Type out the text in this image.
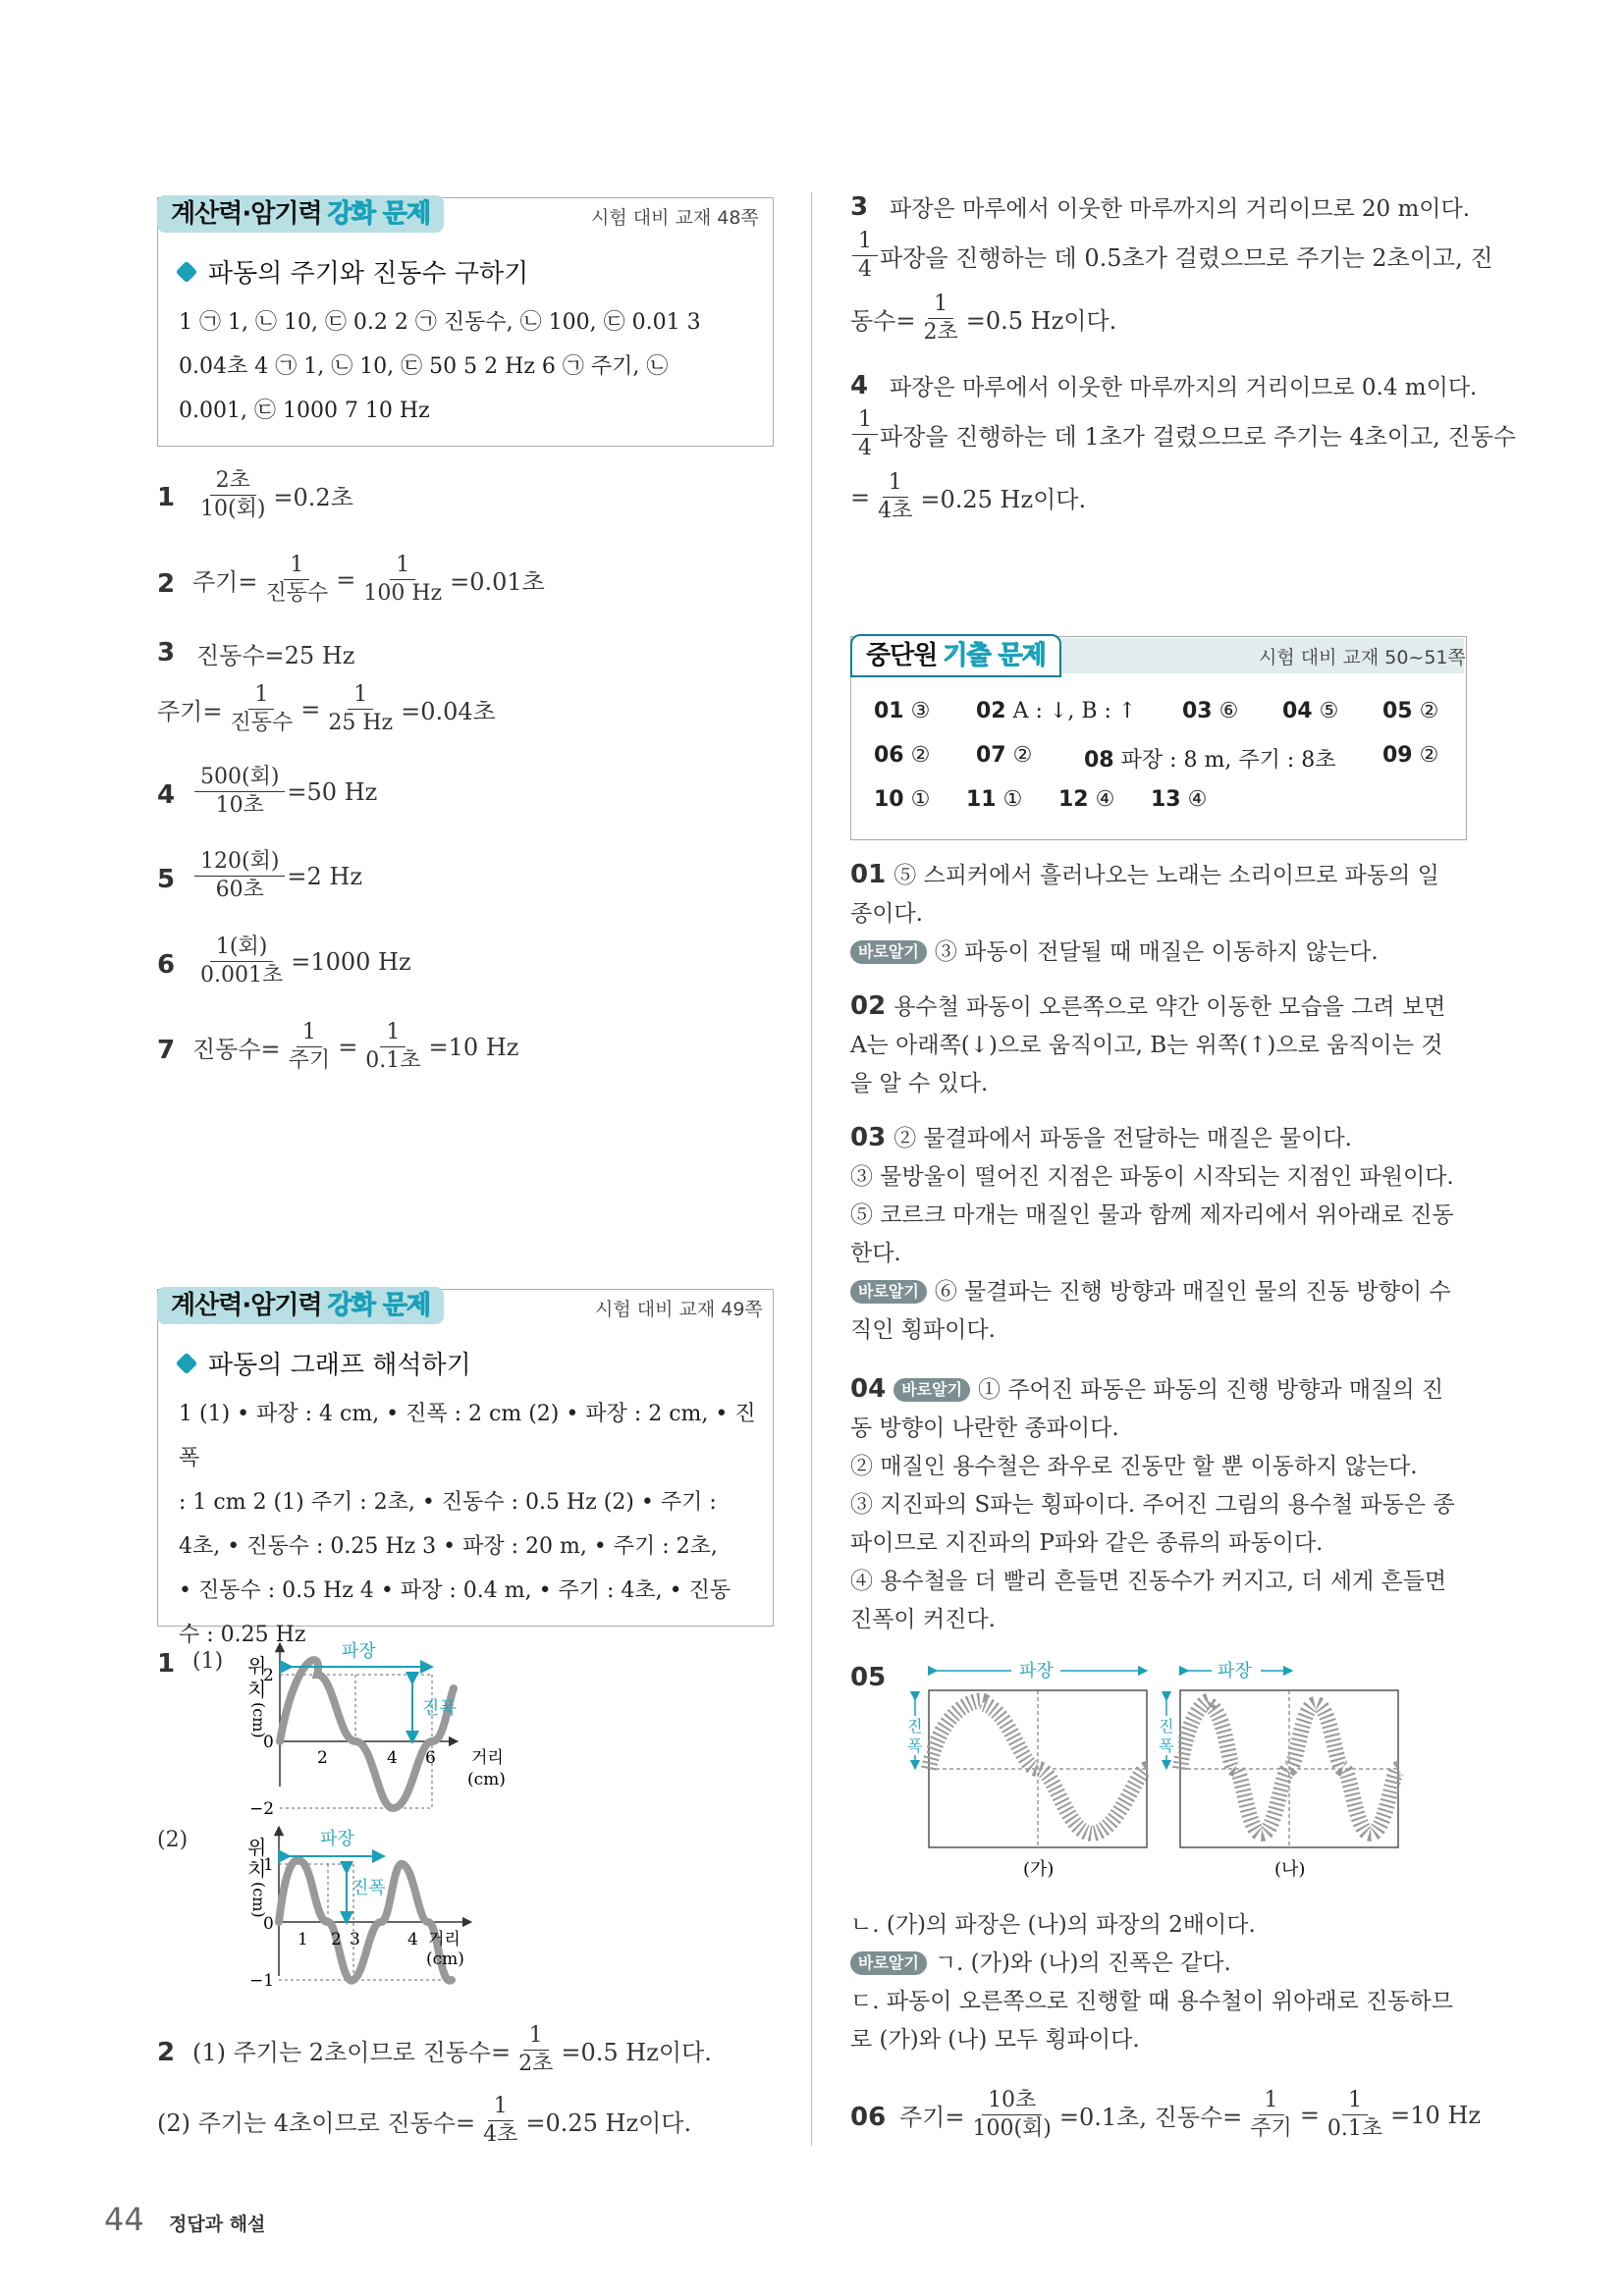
계산력·암기력 강화 문제	시험 대비 교재 48쪽
파동의 주기와 진동수 구하기
1 ㉠ 1, ㉡ 10, ㉢ 0.2 2 ㉠ 진동수, ㉡ 100, ㉢ 0.01 3
0.04초 4 ㉠ 1, ㉡ 10, ㉢ 50 5 2 Hz 6 ㉠ 주기, ㉡
0.001, ㉢ 1000 7 10 Hz
$1 \frac{\text{2초}}{\text{10(회)}} =0.2$초
2 주기= $\frac{1}{\text{진동수}} = \frac{1}{100 Hz} =0.01$초
3 진동수=25 Hz
주기= $\frac{1}{\text{진동수}} = \frac{1}{25 Hz} =0.04$초
$4 \frac{\text{500(회)}}{\text{10초}} =50$ Hz
$5 \frac{\text{120(회)}}{\text{60초}} =2$ Hz
$6 \frac{\text{1(회)}}{\text{0.001초}} =1000$ Hz
7 진동수= $\frac{1}{\text{주기}} = \frac{1}{\text{0.1초}} =10$ Hz
계산력·암기력 강화 문제	시험 대비 교재 49쪽
파동의 그래프 해석하기
1 (1) • 파장 : 4 cm, • 진폭 : 2 cm (2) • 파장 : 2 cm, • 진폭
: 1 cm 2 (1) 주기 : 2초, • 진동수 : 0.5 Hz (2) • 주기 :
4초, • 진동수 : 0.25 Hz 3 • 파장 : 20 m, • 주기 : 2초,
• 진동수 : 0.5 Hz 4 • 파장 : 0.4 m, • 주기 : 4초, • 진동
수 : 0.25 Hz
1 (1)
(2)
위
치
(cm)
파장
진폭
2
0
−2
2	4 6 거리
(cm)
위
치
(cm)
파장
진폭
1
0
−1
1 2 3	4 거리
(cm)
2 (1) 주기는 2초이므로 진동수= $\frac{1}{\text{2초}} =0.5$ Hz이다.
(2) 주기는 4초이므로 진동수= $\frac{1}{\text{4초}} =0.25$ Hz이다.
3 파장은 마루에서 이웃한 마루까지의 거리이므로 20 m이다.
$\frac{1}{4}$ 파장을 진행하는 데 0.5초가 걸렸으므로 주기는 2초이고, 진
동수= $\frac{1}{\text{2초}} =0.5$ Hz이다.
4 파장은 마루에서 이웃한 마루까지의 거리이므로 0.4 m이다.
$\frac{1}{4}$ 파장을 진행하는 데 1초가 걸렸으므로 주기는 4초이고, 진동수
= $\frac{1}{\text{4초}} =0.25$ Hz이다.
중단원 기출 문제	시험 대비 교재 50~51쪽
01 ③ 02 A : ↓, B : ↑ 03 ⑥ 04 ⑤ 05 ②
06 ② 07 ② 08 파장 : 8 m, 주기 : 8초 09 ②
10 ① 11 ① 12 ④ 13 ④
01 ⑤ 스피커에서 흘러나오는 노래는 소리이므로 파동의 일
종이다.
바로알기 ③ 파동이 전달될 때 매질은 이동하지 않는다.
02 용수철 파동이 오른쪽으로 약간 이동한 모습을 그려 보면
A는 아래쪽(↓)으로 움직이고, B는 위쪽(↑)으로 움직이는 것
을 알 수 있다.
03 ② 물결파에서 파동을 전달하는 매질은 물이다.
③ 물방울이 떨어진 지점은 파동이 시작되는 지점인 파원이다.
⑤ 코르크 마개는 매질인 물과 함께 제자리에서 위아래로 진동
한다.
바로알기 ⑥ 물결파는 진행 방향과 매질인 물의 진동 방향이 수
직인 횡파이다.
04 바로알기 ① 주어진 파동은 파동의 진행 방향과 매질의 진
동 방향이 나란한 종파이다.
② 매질인 용수철은 좌우로 진동만 할 뿐 이동하지 않는다.
③ 지진파의 S파는 횡파이다. 주어진 그림의 용수철 파동은 종
파이므로 지진파의 P파와 같은 종류의 파동이다.
④ 용수철을 더 빨리 흔들면 진동수가 커지고, 더 세게 흔들면
진폭이 커진다.
05	파장
진
폭
(가)
파장
진
폭
(나)
ㄴ. (가)의 파장은 (나)의 파장의 2배이다.
바로알기 ㄱ. (가)와 (나)의 진폭은 같다.
ㄷ. 파동이 오른쪽으로 진행할 때 용수철이 위아래로 진동하므
로 (가)와 (나) 모두 횡파이다.
06 주기= $\frac{\text{10초}}{\text{100(회)}} =0.1$초, 진동수= $\frac{1}{\text{주기}} = \frac{1}{\text{0.1초}} =10$ Hz
44 정답과 해설
